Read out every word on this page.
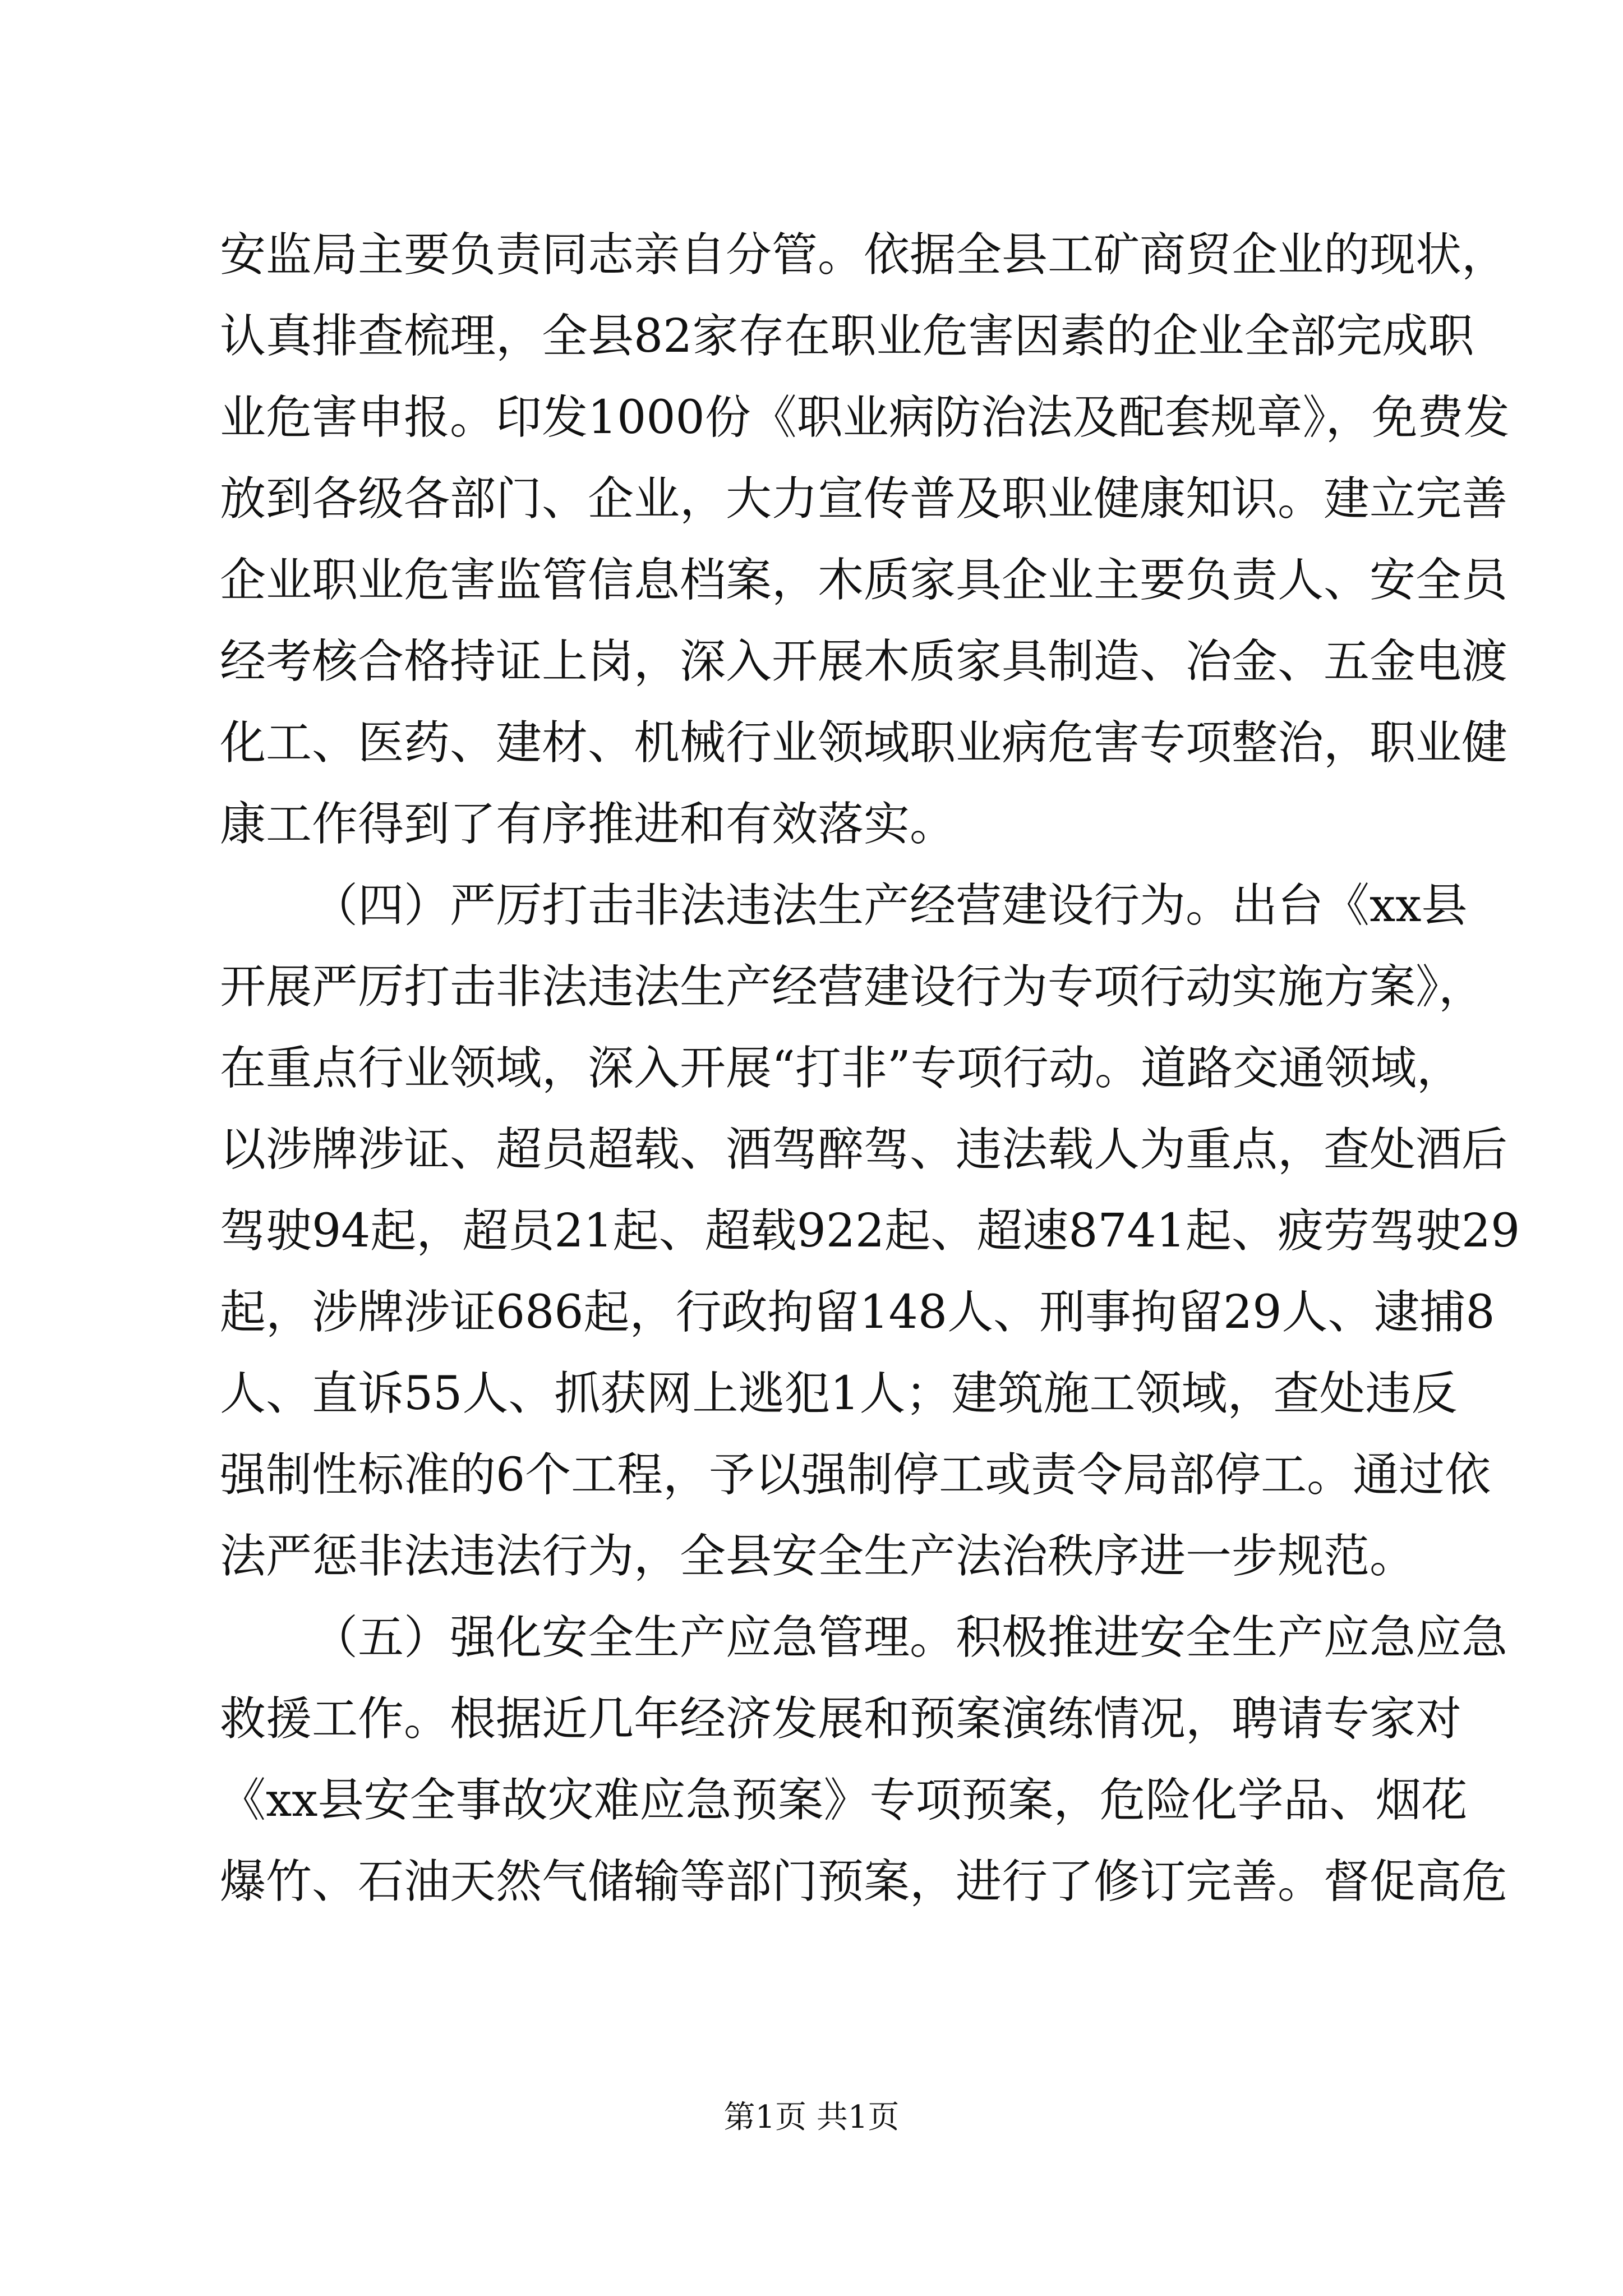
安监局主要负责同志亲自分管。依据全县工矿商贸企业的现状，
认真排查梳理，全县82家存在职业危害因素的企业全部完成职
业危害申报。印发1000份《职业病防治法及配套规章》，免费发
放到各级各部门、企业，大力宣传普及职业健康知识。建立完善
企业职业危害监管信息档案，木质家具企业主要负责人、安全员
经考核合格持证上岗，深入开展木质家具制造、冶金、五金电渡
化工、医药、建材、机械行业领域职业病危害专项整治，职业健
康工作得到了有序推进和有效落实。
（四）严厉打击非法违法生产经营建设行为。出台《xx县
开展严厉打击非法违法生产经营建设行为专项行动实施方案》，
在重点行业领域，深入开展“打非”专项行动。道路交通领域，
以涉牌涉证、超员超载、酒驾醉驾、违法载人为重点，查处酒后
驾驶94起，超员21起、超载922起、超速8741起、疲劳驾驶29
起，涉牌涉证686起，行政拘留148人、刑事拘留29人、逮捕8
人、直诉55人、抓获网上逃犯1人；建筑施工领域，查处违反
强制性标准的6个工程，予以强制停工或责令局部停工。通过依
法严惩非法违法行为，全县安全生产法治秩序进一步规范。
（五）强化安全生产应急管理。积极推进安全生产应急应急
救援工作。根据近几年经济发展和预案演练情况，聘请专家对
《xx县安全事故灾难应急预案》专项预案，危险化学品、烟花
爆竹、石油天然气储输等部门预案，进行了修订完善。督促高危
第1页 共1页
